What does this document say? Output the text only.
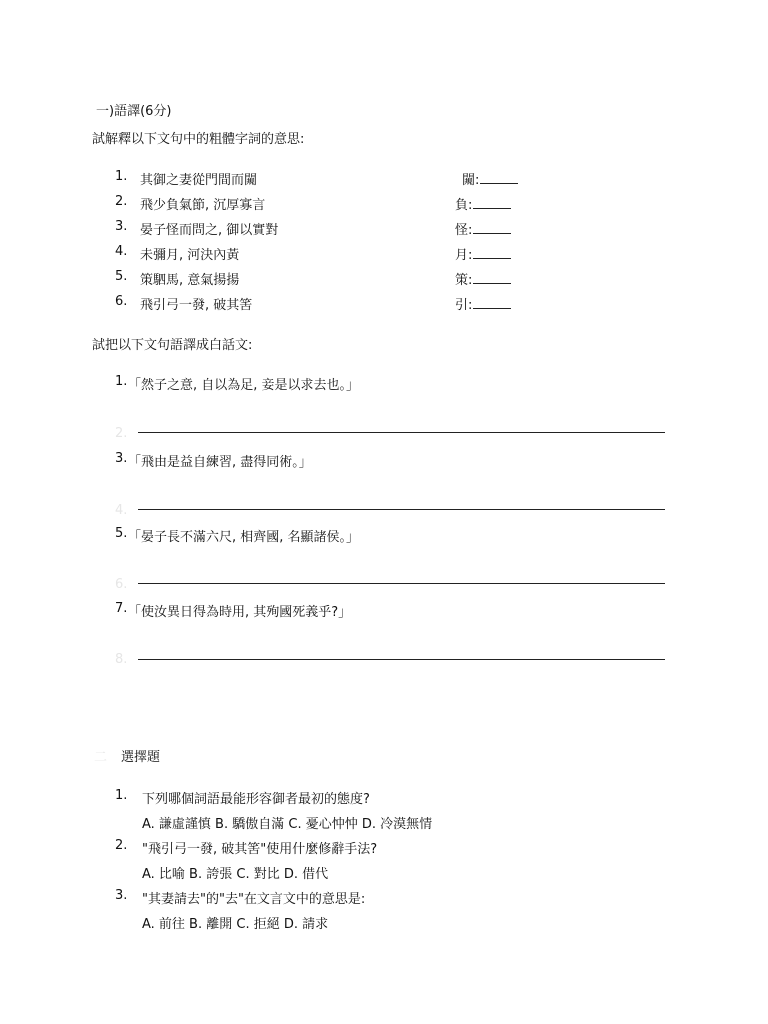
一)語譯(6分)
試解釋以下文句中的粗體字詞的意思:
1. 其御之妻從門間而闚	闚:
2. 飛少負氣節, 沉厚寡言	負:
3. 晏子怪而問之, 御以實對	怪:
4. 未彌月, 河決內黃	月:
5. 策駟馬, 意氣揚揚	策:
6. 飛引弓一發, 破其筈	引:
試把以下文句語譯成白話文:
1. 「然子之意, 自以為足, 妾是以求去也。」
2.
3. 「飛由是益自練習, 盡得同術。」
4.
5. 「晏子長不滿六尺, 相齊國, 名顯諸侯。」
6.
7. 「使汝異日得為時用, 其殉國死義乎?」
8.
二 選擇題
1. 下列哪個詞語最能形容御者最初的態度?
A. 謙虛謹慎 B. 驕傲自滿 C. 憂心忡忡 D. 冷漠無情
2. "飛引弓一發, 破其筈"使用什麼修辭手法?
A. 比喻 B. 誇張 C. 對比 D. 借代
3. "其妻請去"的"去"在文言文中的意思是:
A. 前往 B. 離開 C. 拒絕 D. 請求
